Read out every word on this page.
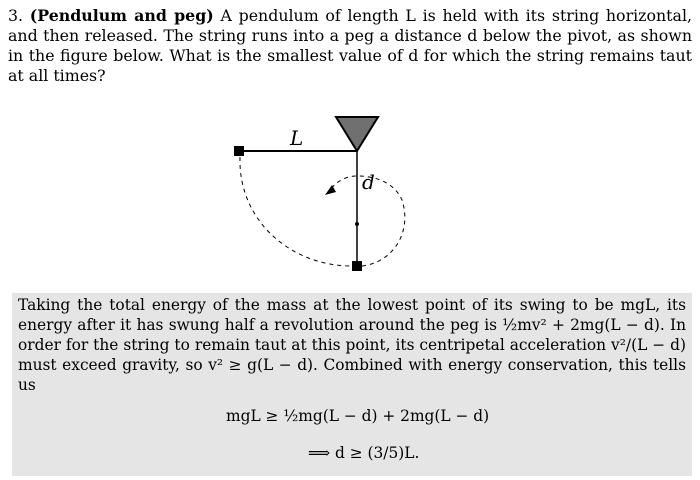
3. (Pendulum and peg) A pendulum of length L is held with its string horizontal, and then released. The string runs into a peg a distance d below the pivot, as shown in the figure below. What is the smallest value of d for which the string remains taut at all times?
L
d
Taking the total energy of the mass at the lowest point of its swing to be mgL, its energy after it has swung half a revolution around the peg is ½mv² + 2mg(L − d). In order for the string to remain taut at this point, its centripetal acceleration v²/(L − d) must exceed gravity, so v² ≥ g(L − d). Combined with energy conservation, this tells us
mgL ≥ ½mg(L − d) + 2mg(L − d)
⟹ d ≥ (3/5)L.
